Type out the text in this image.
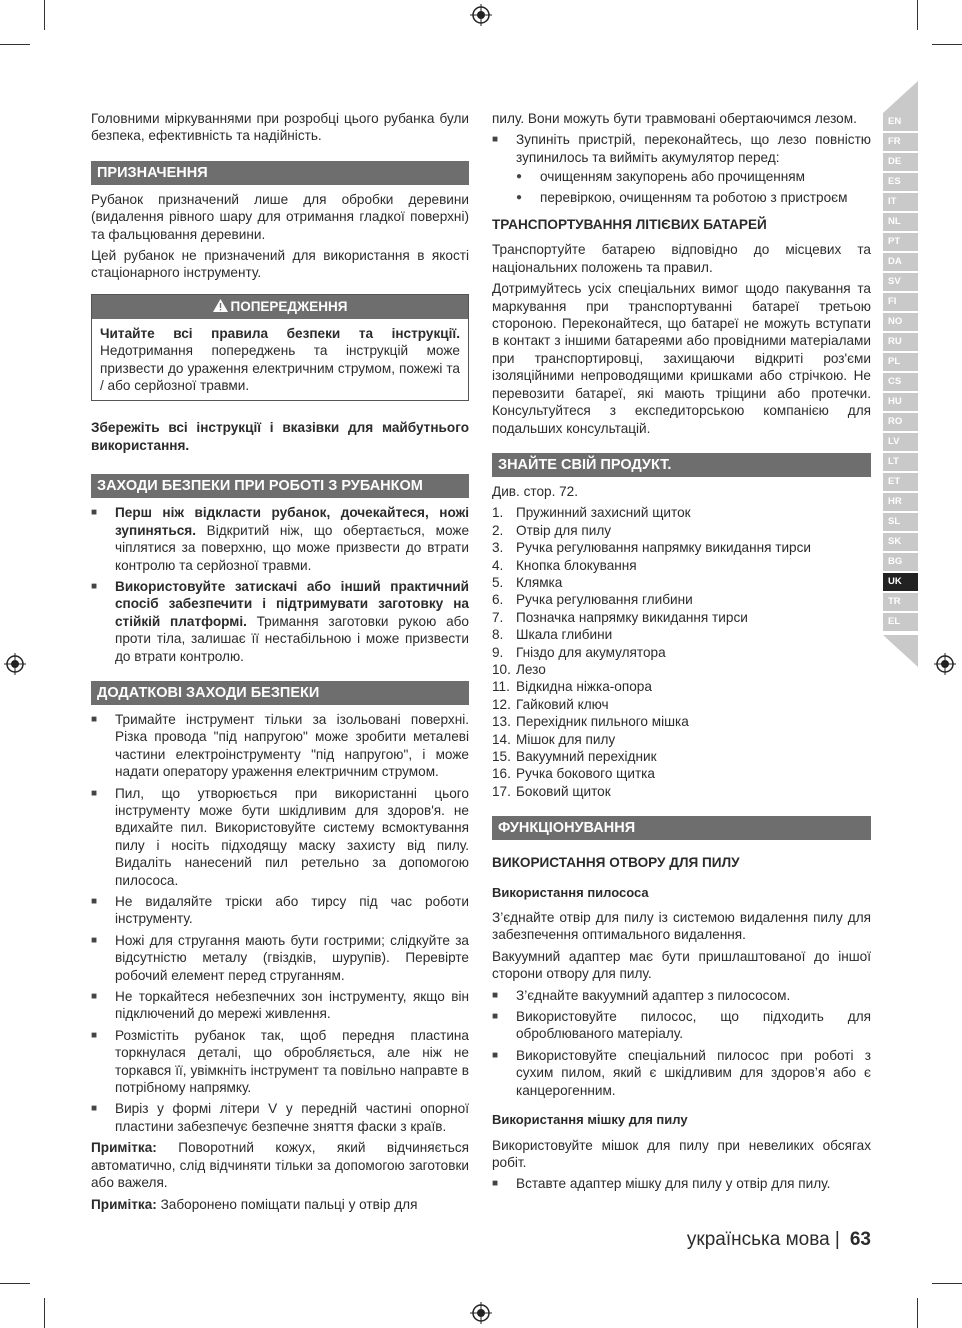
Головними міркуваннями при розробці цього рубанка були безпека, ефективність та надійність.

ПРИЗНАЧЕННЯ

Рубанок призначений лише для обробки деревини (видалення рівного шару для отримання гладкої поверхні) та фальцювання деревини.

Цей рубанок не призначений для використання в якості стаціонарного інструменту.

ПОПЕРЕДЖЕННЯ
Читайте всі правила безпеки та інструкції. Недотримання попереджень та інструкцій може призвести до ураження електричним струмом, пожежі та / або серйозної травми.

Збережіть всі інструкції і вказівки для майбутнього використання.

ЗАХОДИ БЕЗПЕКИ ПРИ РОБОТІ З РУБАНКОМ
■ Перш ніж відкласти рубанок, дочекайтеся, ножі зупиняться. Відкритий ніж, що обертається, може чіплятися за поверхню, що може призвести до втрати контролю та серйозної травми.
■ Використовуйте затискачі або інший практичний спосіб забезпечити і підтримувати заготовку на стійкій платформі. Тримання заготовки рукою або проти тіла, залишає її нестабільною і може призвести до втрати контролю.
ДОДАТКОВІ ЗАХОДИ БЕЗПЕКИ
■ Тримайте інструмент тільки за ізольовані поверхні. Різка провода "під напругою" може зробити металеві частини електроінструменту "під напругою", і може надати оператору ураження електричним струмом.
■ Пил, що утворюється при використанні цього інструменту може бути шкідливим для здоров'я. не вдихайте пил. Використовуйте систему всмоктування пилу і носіть підходящу маску захисту від пилу. Видаліть нанесений пил ретельно за допомогою пилососа.
■ Не видаляйте тріски або тирсу під час роботи інструменту.
■ Ножі для стругання мають бути гострими; слідкуйте за відсутністю металу (гвіздків, шурупів). Перевірте робочий елемент перед струганням.
■ Не торкайтеся небезпечних зон інструменту, якщо він підключений до мережі живлення.
■ Розмістіть рубанок так, щоб передня пластина торкнулася деталі, що обробляється, але ніж не торкався її, увімкніть інструмент та повільно направте в потрібному напрямку.
■ Виріз у формі літери V у передній частині опорної пластини забезпечує безпечне зняття фаски з країв.

Примітка: Поворотний кожух, який відчиняється автоматично, слід відчиняти тільки за допомогою заготовки або важеля.

Примітка: Заборонено поміщати пальці у отвір для

пилу. Вони можуть бути травмовані обертаючимся лезом.

■ Зупиніть пристрій, переконайтесь, що лезо повністю зупинилось та вийміть акумулятор перед:
● очищенням закупорень або прочищенням
● перевіркою, очищенням та роботою з пристроєм
ТРАНСПОРТУВАННЯ ЛІТІЄВИХ БАТАРЕЙ

Транспортуйте батарею відповідно до місцевих та національних положень та правил.

Дотримуйтесь усіх спеціальних вимог щодо пакування та маркування при транспортуванні батареї третьою стороною. Переконайтеся, що батареї не можуть вступати в контакт з іншими батареями або провідними матеріалами при транспортировці, захищаючи відкриті роз'єми ізоляційними непроводящими кришками або стрічкою. Не перевозити батареї, які мають тріщини або протечки. Консультуйтеся з експедиторською компанією для подальших консультацій.

ЗНАЙТЕ СВІЙ ПРОДУКТ.

Див. стор. 72.

1. Пружинний захисний щиток
2. Отвір для пилу
3. Ручка регулювання напрямку викидання тирси
4. Кнопка блокування
5. Клямка
6. Ручка регулювання глибини
7. Позначка напрямку викидання тирси
8. Шкала глибини
9. Гніздо для акумулятора
10. Лезо
11. Відкидна ніжка-опора
12. Гайковий ключ
13. Перехідник пильного мішка
14. Мішок для пилу
15. Вакуумний перехідник
16. Ручка бокового щитка
17. Боковий щиток
ФУНКЦІОНУВАННЯ
ВИКОРИСТАННЯ ОТВОРУ ДЛЯ ПИЛУ
Використання пилососа

З’єднайте отвір для пилу із системою видалення пилу для забезпечення оптимального видалення.

Вакуумний адаптер має бути пришлаштованої до іншої сторони отвору для пилу.

■ З’єднайте вакуумний адаптер з пилососом.
■ Використовуйте пилосос, що підходить для оброблюваного матеріалу.
■ Використовуйте спеціальний пилосос при роботі з сухим пилом, який є шкідливим для здоров’я або є канцерогенним.
Використання мішку для пилу

Використовуйте мішок для пилу при невеликих обсягах робіт.

■ Вставте адаптер мішку для пилу у отвір для пилу.
EN
FR
DE
ES
IT
NL
PT
DA
SV
FI
NO
RU
PL
CS
HU
RO
LV
LT
ET
HR
SL
SK
BG
UK
TR
EL
українська мова | 63
